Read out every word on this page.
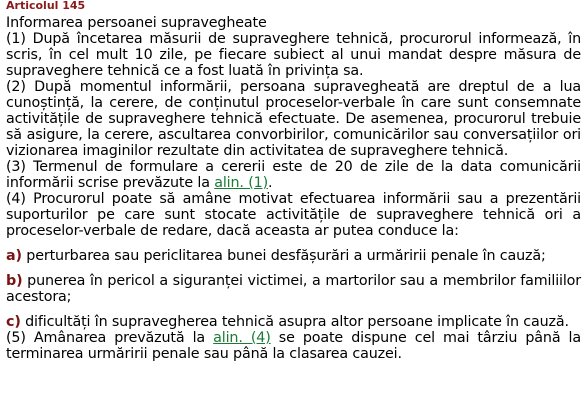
Articolul 145

Informarea persoanei supravegheate

(1) După încetarea măsurii de supraveghere tehnică, procurorul informează, în scris, în cel mult 10 zile, pe fiecare subiect al unui mandat despre măsura de supraveghere tehnică ce a fost luată în privința sa.

(2) După momentul informării, persoana supravegheată are dreptul de a lua cunoștință, la cerere, de conținutul proceselor-verbale în care sunt consemnate activitățile de supraveghere tehnică efectuate. De asemenea, procurorul trebuie să asigure, la cerere, ascultarea convorbirilor, comunicărilor sau conversațiilor ori vizionarea imaginilor rezultate din activitatea de supraveghere tehnică.

(3) Termenul de formulare a cererii este de 20 de zile de la data comunicării informării scrise prevăzute la alin. (1).

(4) Procurorul poate să amâne motivat efectuarea informării sau a prezentării suporturilor pe care sunt stocate activitățile de supraveghere tehnică ori a proceselor-verbale de redare, dacă aceasta ar putea conduce la:

a) perturbarea sau periclitarea bunei desfășurări a urmăririi penale în cauză;

b) punerea în pericol a siguranței victimei, a martorilor sau a membrilor familiilor acestora;

c) dificultăți în supravegherea tehnică asupra altor persoane implicate în cauză.

(5) Amânarea prevăzută la alin. (4) se poate dispune cel mai târziu până la terminarea urmăririi penale sau până la clasarea cauzei.
